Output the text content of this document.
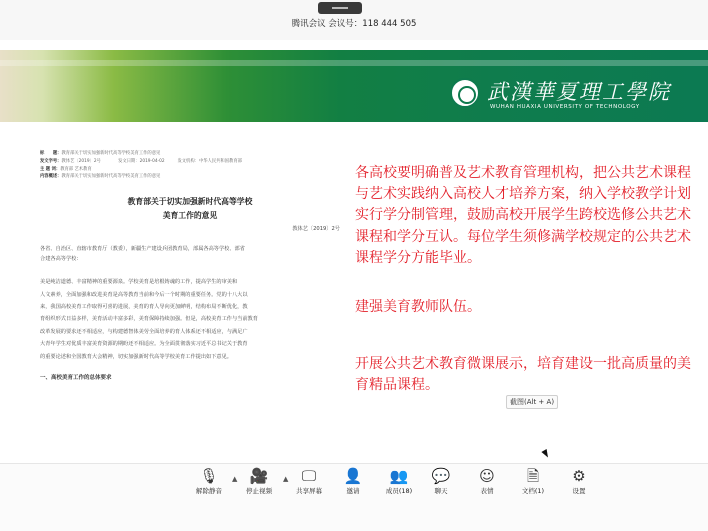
腾讯会议 会议号：118 444 505
武漢華夏理工學院
WUHAN HUAXIA UNIVERSITY OF TECHNOLOGY
标　　题：教育部关于切实加强新时代高等学校美育工作的意见
发文字号：教体艺〔2019〕2号　　　　发文日期：2019-04-02　　　发文机构：中华人民共和国教育部
主 题 词：教育部 艺术教育
内容概述：教育部关于切实加强新时代高等学校美育工作的意见
教育部关于切实加强新时代高等学校
美育工作的意见
教体艺〔2019〕2号
各省、自治区、直辖市教育厅（教委），新疆生产建设兵团教育局，部属各高等学校、部省
合建各高等学校：
美是纯洁道德、丰富精神的重要源泉。学校美育是培根铸魂的工作，提高学生的审美和
人文素养，全面加强和改进美育是高等教育当前和今后一个时期的重要任务。党的十八大以
来，我国高校美育工作取得可喜的进展，美育的育人导向更加鲜明，结构布局不断优化，教
育组织形式日益多样，美育活动丰富多彩，美育保障持续加强。但是，高校美育工作与当前教育
改革发展的要求还不相适应，与构建德智体美劳全面培养的育人体系还不相适应，与满足广
大青年学生对优质丰富美育资源的期盼还不相适应。为全面贯彻落实习近平总书记关于教育
的重要论述和全国教育大会精神，切实加强新时代高等学校美育工作提出如下意见。
一、高校美育工作的总体要求
各高校要明确普及艺术教育管理机构，把公共艺术课程与艺术实践纳入高校人才培养方案，纳入学校教学计划实行学分制管理，鼓励高校开展学生跨校选修公共艺术课程和学分互认。每位学生须修满学校规定的公共艺术课程学分方能毕业。
建强美育教师队伍。
开展公共艺术教育微课展示，培育建设一批高质量的美育精品课程。
截图(Alt + A)
🎙
解除静音
▲ 🎥
停止视频
▲ 🖵
共享屏幕
👤
邀请
👥
成员(18)
💬
聊天
☺
表情
🗎
文档(1)
⚙
设置
